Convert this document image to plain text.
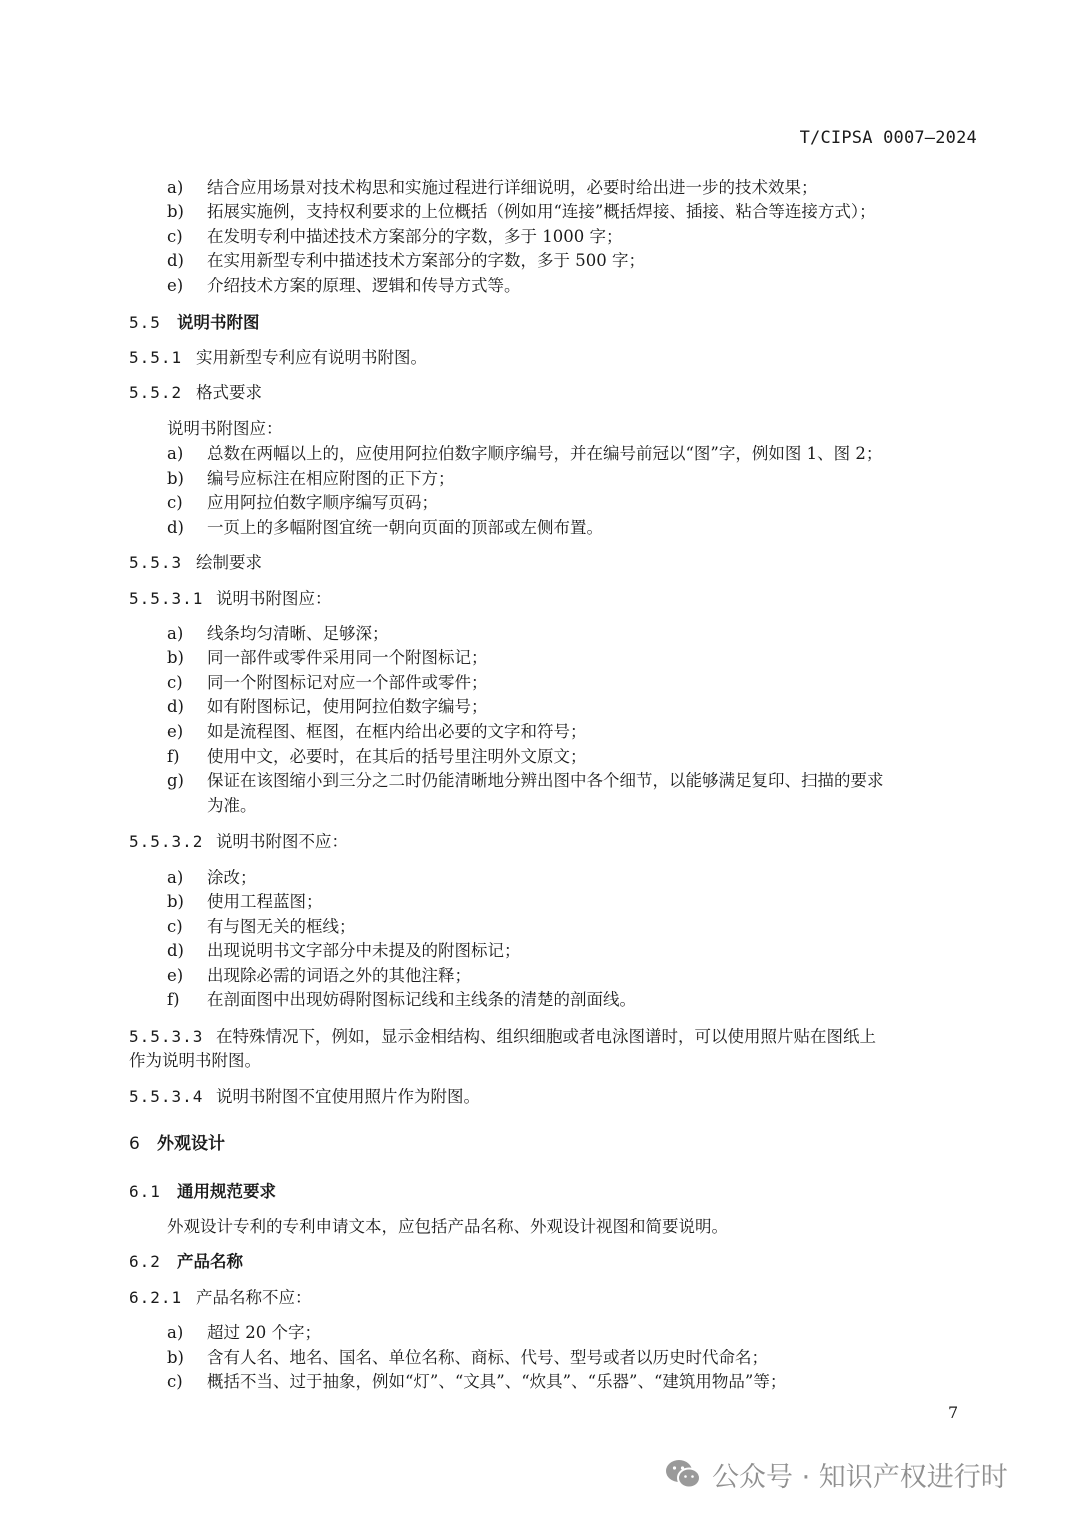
T/CIPSA 0007—2024
a) 结合应用场景对技术构思和实施过程进行详细说明，必要时给出进一步的技术效果；
b) 拓展实施例，支持权利要求的上位概括（例如用“连接”概括焊接、插接、粘合等连接方式）；
c) 在发明专利中描述技术方案部分的字数，多于 1000 字；
d) 在实用新型专利中描述技术方案部分的字数，多于 500 字；
e) 介绍技术方案的原理、逻辑和传导方式等。
5.5 说明书附图
5.5.1 实用新型专利应有说明书附图。
5.5.2 格式要求
说明书附图应：
a) 总数在两幅以上的，应使用阿拉伯数字顺序编号，并在编号前冠以“图”字，例如图 1、图 2；
b) 编号应标注在相应附图的正下方；
c) 应用阿拉伯数字顺序编写页码；
d) 一页上的多幅附图宜统一朝向页面的顶部或左侧布置。
5.5.3 绘制要求
5.5.3.1 说明书附图应：
a) 线条均匀清晰、足够深；
b) 同一部件或零件采用同一个附图标记；
c) 同一个附图标记对应一个部件或零件；
d) 如有附图标记，使用阿拉伯数字编号；
e) 如是流程图、框图，在框内给出必要的文字和符号；
f) 使用中文，必要时，在其后的括号里注明外文原文；
g) 保证在该图缩小到三分之二时仍能清晰地分辨出图中各个细节，以能够满足复印、扫描的要求
为准。
5.5.3.2 说明书附图不应：
a) 涂改；
b) 使用工程蓝图；
c) 有与图无关的框线；
d) 出现说明书文字部分中未提及的附图标记；
e) 出现除必需的词语之外的其他注释；
f) 在剖面图中出现妨碍附图标记线和主线条的清楚的剖面线。
5.5.3.3 在特殊情况下，例如，显示金相结构、组织细胞或者电泳图谱时，可以使用照片贴在图纸上
作为说明书附图。
5.5.3.4 说明书附图不宜使用照片作为附图。
6 外观设计
6.1 通用规范要求
外观设计专利的专利申请文本，应包括产品名称、外观设计视图和简要说明。
6.2 产品名称
6.2.1 产品名称不应：
a) 超过 20 个字；
b) 含有人名、地名、国名、单位名称、商标、代号、型号或者以历史时代命名；
c) 概括不当、过于抽象，例如“灯”、“文具”、“炊具”、“乐器”、“建筑用物品”等；
7
公众号 · 知识产权进行时
